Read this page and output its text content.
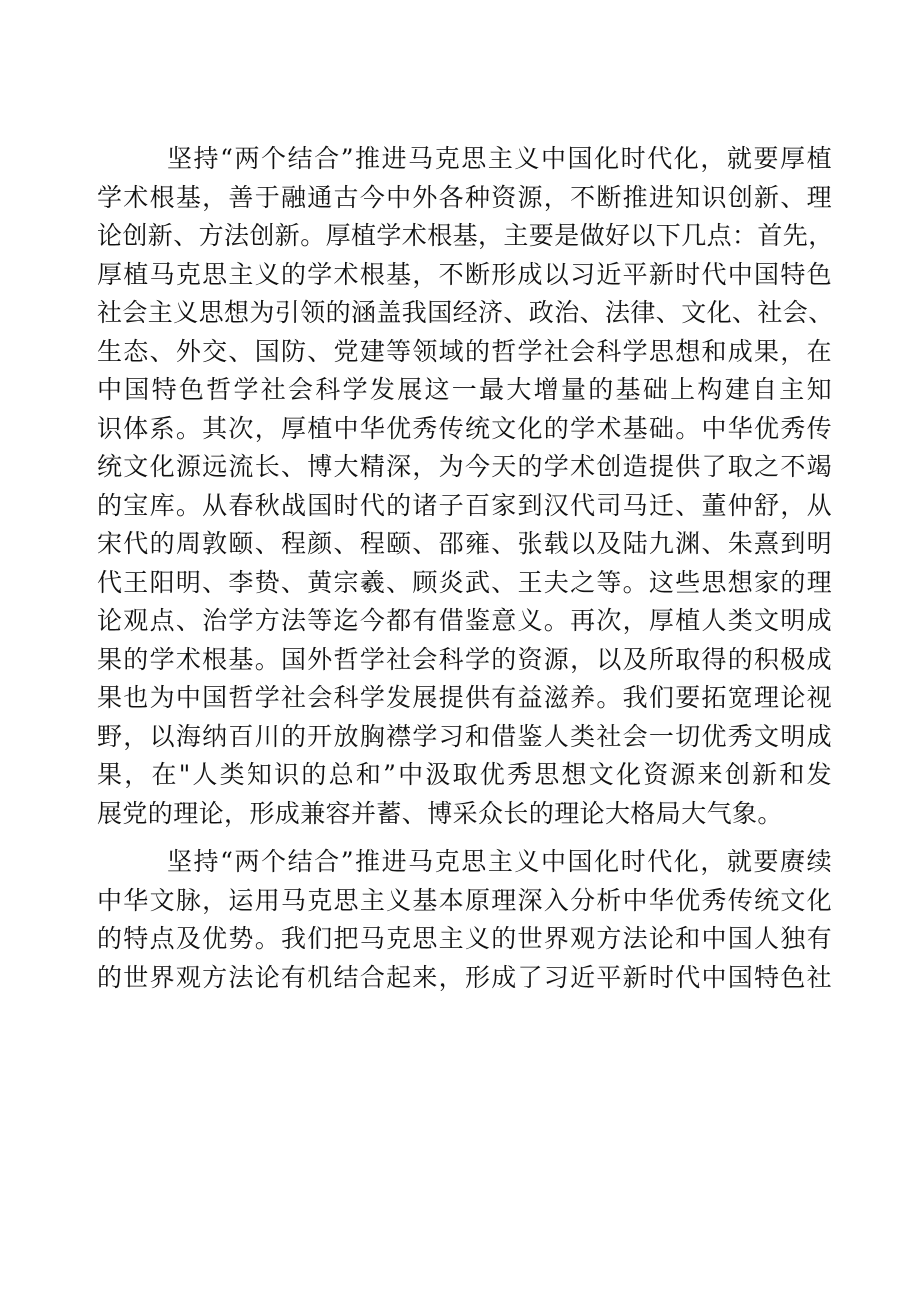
坚持“两个结合”推进马克思主义中国化时代化，就要厚植
学术根基，善于融通古今中外各种资源，不断推进知识创新、理
论创新、方法创新。厚植学术根基，主要是做好以下几点：首先，
厚植马克思主义的学术根基，不断形成以习近平新时代中国特色
社会主义思想为引领的涵盖我国经济、政治、法律、文化、社会、
生态、外交、国防、党建等领域的哲学社会科学思想和成果，在
中国特色哲学社会科学发展这一最大增量的基础上构建自主知
识体系。其次，厚植中华优秀传统文化的学术基础。中华优秀传
统文化源远流长、博大精深，为今天的学术创造提供了取之不竭
的宝库。从春秋战国时代的诸子百家到汉代司马迁、董仲舒，从
宋代的周敦颐、程颜、程颐、邵雍、张载以及陆九渊、朱熹到明
代王阳明、李贽、黄宗羲、顾炎武、王夫之等。这些思想家的理
论观点、治学方法等迄今都有借鉴意义。再次，厚植人类文明成
果的学术根基。国外哲学社会科学的资源，以及所取得的积极成
果也为中国哲学社会科学发展提供有益滋养。我们要拓宽理论视
野，以海纳百川的开放胸襟学习和借鉴人类社会一切优秀文明成
果，在"人类知识的总和”中汲取优秀思想文化资源来创新和发
展党的理论，形成兼容并蓄、博采众长的理论大格局大气象。
坚持“两个结合”推进马克思主义中国化时代化，就要赓续
中华文脉，运用马克思主义基本原理深入分析中华优秀传统文化
的特点及优势。我们把马克思主义的世界观方法论和中国人独有
的世界观方法论有机结合起来，形成了习近平新时代中国特色社
